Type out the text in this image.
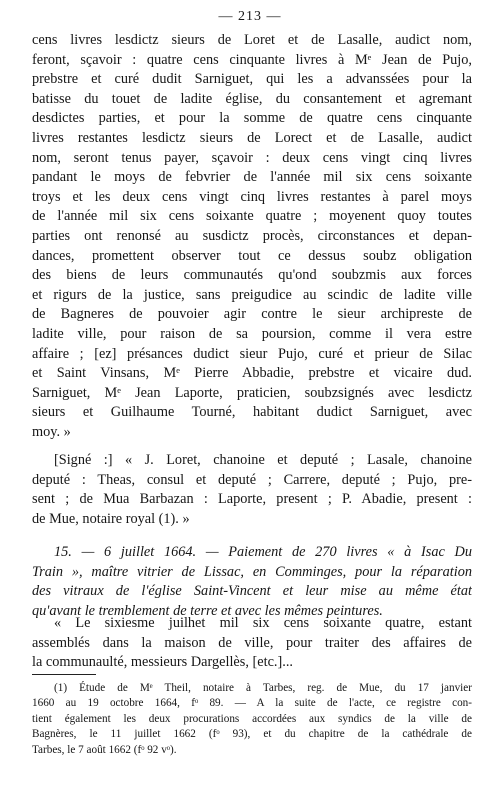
— 213 —
cens livres lesdictz sieurs de Loret et de Lasalle, audict nom,
feront, sçavoir : quatre cens cinquante livres à Mᵉ Jean de Pujo,
prebstre et curé dudit Sarniguet, qui les a advanssées pour la
batisse du touet de ladite église, du consantement et agremant
desdictes parties, et pour la somme de quatre cens cinquante
livres restantes lesdictz sieurs de Lorect et de Lasalle, audict
nom, seront tenus payer, sçavoir : deux cens vingt cinq livres
pandant le moys de febvrier de l'année mil six cens soixante
troys et les deux cens vingt cinq livres restantes à parel moys
de l'année mil six cens soixante quatre ; moyenent quoy toutes
parties ont renonsé au susdictz procès, circonstances et depan-
dances, promettent observer tout ce dessus soubz obligation
des biens de leurs communautés qu'ond soubzmis aux forces
et rigurs de la justice, sans preigudice au scindic de ladite ville
de Bagneres de pouvoier agir contre le sieur archipreste de
ladite ville, pour raison de sa poursion, comme il vera estre
affaire ; [ez] présances dudict sieur Pujo, curé et prieur de Silac
et Saint Vinsans, Mᵉ Pierre Abbadie, prebstre et vicaire dud.
Sarniguet, Mᵉ Jean Laporte, praticien, soubzsignés avec lesdictz
sieurs et Guilhaume Tourné, habitant dudict Sarniguet, avec
moy. »
[Signé :] « J. Loret, chanoine et deputé ; Lasale, chanoine
deputé : Theas, consul et deputé ; Carrere, deputé ; Pujo, pre-
sent ; de Mua Barbazan : Laporte, present ; P. Abadie, present :
de Mue, notaire royal (1). »
15. — 6 juillet 1664. — Paiement de 270 livres « à Isac Du
Train », maître vitrier de Lissac, en Comminges, pour la réparation
des vitraux de l'église Saint-Vincent et leur mise au même état
qu'avant le tremblement de terre et avec les mêmes peintures.
« Le sixiesme juilhet mil six cens soixante quatre, estant
assemblés dans la maison de ville, pour traiter des affaires de
la communaulté, messieurs Dargellès, [etc.]...
(1) Étude de Mᵉ Theil, notaire à Tarbes, reg. de Mue, du 17 janvier
1660 au 19 octobre 1664, fᵒ 89. — A la suite de l'acte, ce registre con-
tient également les deux procurations accordées aux syndics de la ville de
Bagnères, le 11 juillet 1662 (fᵒ 93), et du chapitre de la cathédrale de
Tarbes, le 7 août 1662 (fᵒ 92 vᵒ).
